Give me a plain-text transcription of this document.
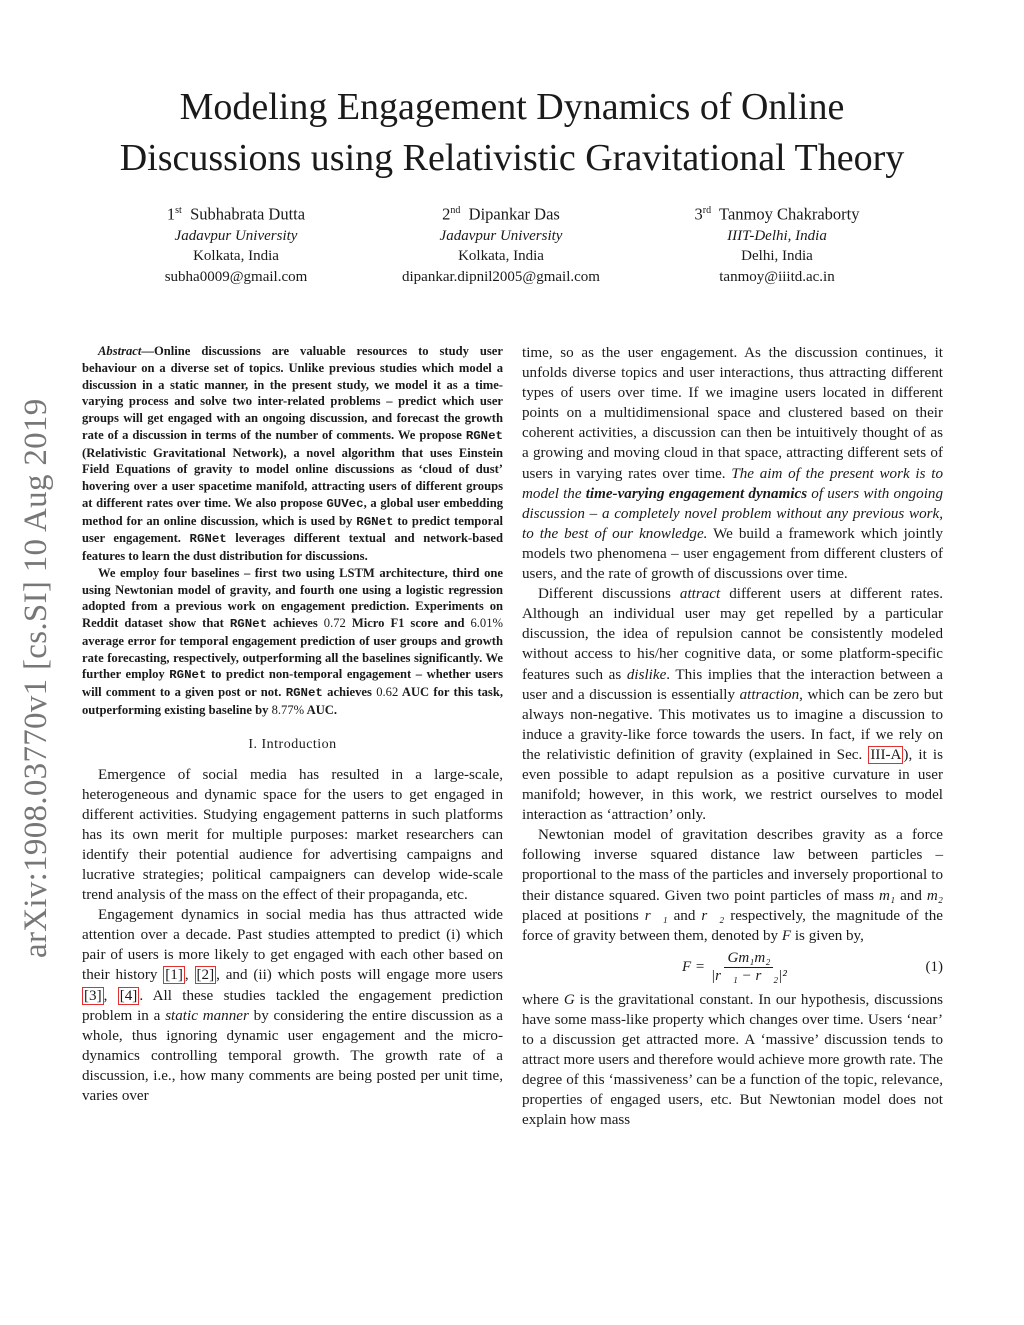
Modeling Engagement Dynamics of Online
Discussions using Relativistic Gravitational Theory
1st Subhabrata Dutta
Jadavpur University
Kolkata, India
subha0009@gmail.com
2nd Dipankar Das
Jadavpur University
Kolkata, India
dipankar.dipnil2005@gmail.com
3rd Tanmoy Chakraborty
IIIT-Delhi, India
Delhi, India
tanmoy@iiitd.ac.in
arXiv:1908.03770v1 [cs.SI] 10 Aug 2019

Abstract—Online discussions are valuable resources to study user behaviour on a diverse set of topics. Unlike previous studies which model a discussion in a static manner, in the present study, we model it as a time-varying process and solve two inter-related problems – predict which user groups will get engaged with an ongoing discussion, and forecast the growth rate of a discussion in terms of the number of comments. We propose RGNet (Relativistic Gravitational Network), a novel algorithm that uses Einstein Field Equations of gravity to model online discussions as ‘cloud of dust’ hovering over a user spacetime manifold, attracting users of different groups at different rates over time. We also propose GUVec, a global user embedding method for an online discussion, which is used by RGNet to predict temporal user engagement. RGNet leverages different textual and network-based features to learn the dust distribution for discussions.

We employ four baselines – first two using LSTM architecture, third one using Newtonian model of gravity, and fourth one using a logistic regression adopted from a previous work on engagement prediction. Experiments on Reddit dataset show that RGNet achieves 0.72 Micro F1 score and 6.01% average error for temporal engagement prediction of user groups and growth rate forecasting, respectively, outperforming all the baselines significantly. We further employ RGNet to predict non-temporal engagement – whether users will comment to a given post or not. RGNet achieves 0.62 AUC for this task, outperforming existing baseline by 8.77% AUC.

I. Introduction

Emergence of social media has resulted in a large-scale, heterogeneous and dynamic space for the users to get engaged in different activities. Studying engagement patterns in such platforms has its own merit for multiple purposes: market researchers can identify their potential audience for advertising campaigns and lucrative strategies; political campaigners can develop wide-scale trend analysis of the mass on the effect of their propaganda, etc.

Engagement dynamics in social media has thus attracted wide attention over a decade. Past studies attempted to predict (i) which pair of users is more likely to get engaged with each other based on their history [1] , [2] , and (ii) which posts will engage more users [3] , [4] . All these studies tackled the engagement prediction problem in a static manner by considering the entire discussion as a whole, thus ignoring dynamic user engagement and the micro-dynamics controlling temporal growth. The growth rate of a discussion, i.e., how many comments are being posted per unit time, varies over

time, so as the user engagement. As the discussion continues, it unfolds diverse topics and user interactions, thus attracting different types of users over time. If we imagine users located in different points on a multidimensional space and clustered based on their coherent activities, a discussion can then be intuitively thought of as a growing and moving cloud in that space, attracting different sets of users in varying rates over time. The aim of the present work is to model the time-varying engagement dynamics of users with ongoing discussion – a completely novel problem without any previous work, to the best of our knowledge. We build a framework which jointly models two phenomena – user engagement from different clusters of users, and the rate of growth of discussions over time.

Different discussions attract different users at different rates. Although an individual user may get repelled by a particular discussion, the idea of repulsion cannot be consistently modeled without access to his/her cognitive data, or some platform-specific features such as dislike. This implies that the interaction between a user and a discussion is essentially attraction, which can be zero but always non-negative. This motivates us to imagine a discussion to induce a gravity-like force towards the users. In fact, if we rely on the relativistic definition of gravity (explained in Sec. III-A ), it is even possible to adapt repulsion as a positive curvature in user manifold; however, in this work, we restrict ourselves to model interaction as ‘attraction’ only.

Newtonian model of gravitation describes gravity as a force following inverse squared distance law between particles – proportional to the mass of the particles and inversely proportional to their distance squared. Given two point particles of mass m₁ and m₂ placed at positions r⃗₁ and r⃗₂ respectively, the magnitude of the force of gravity between them, denoted by F is given by,

$F = \frac{\text{Gm₁m₂}}{\text{|r⃗₁ − r⃗₂|²}}$	(1)

where G is the gravitational constant. In our hypothesis, discussions have some mass-like property which changes over time. Users ‘near’ to a discussion get attracted more. A ‘massive’ discussion tends to attract more users and therefore would achieve more growth rate. The degree of this ‘massiveness’ can be a function of the topic, relevance, properties of engaged users, etc. But Newtonian model does not explain how mass
